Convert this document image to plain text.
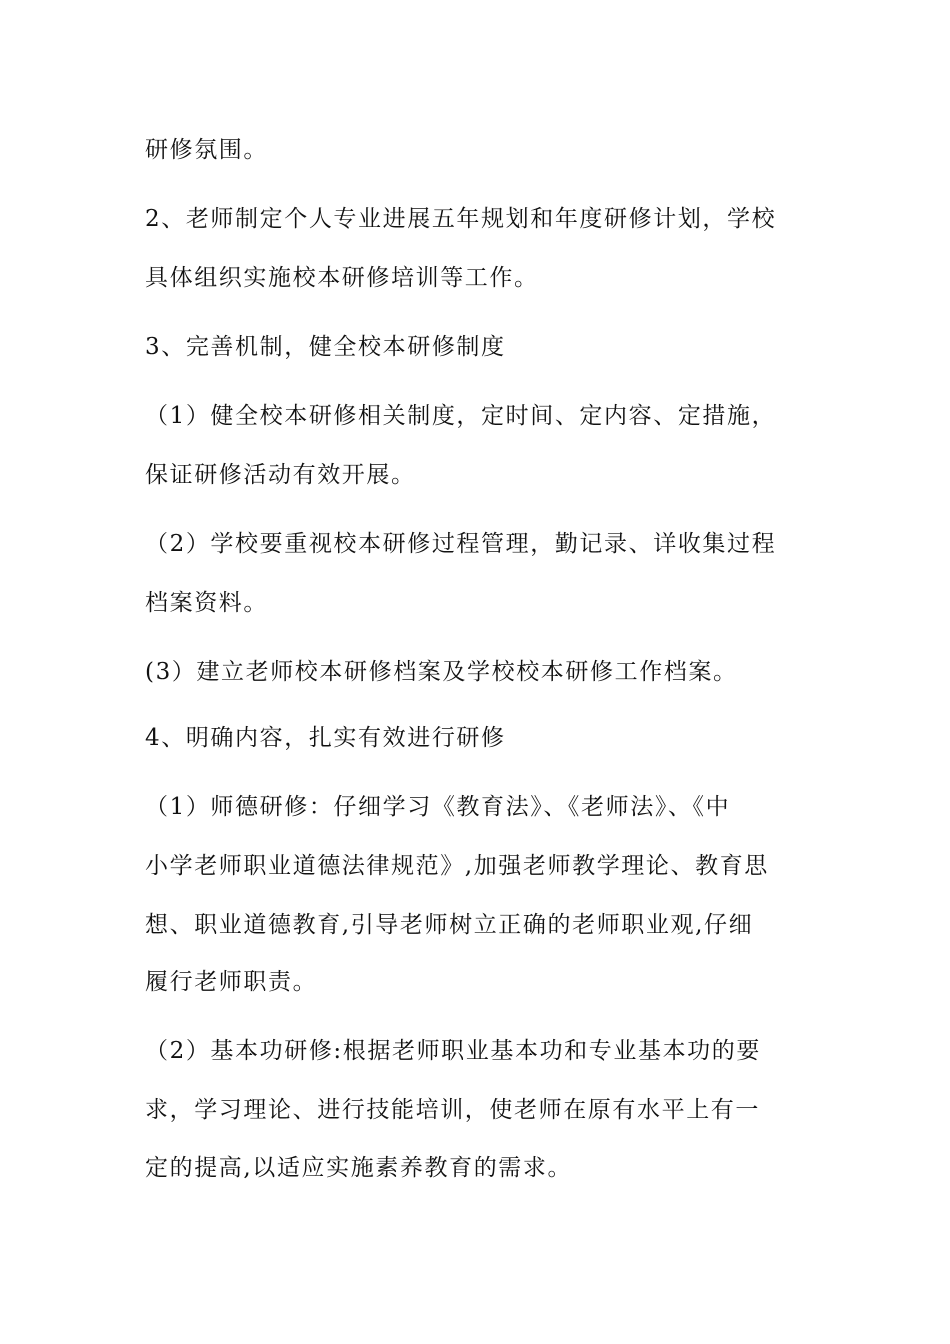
研修氛围。

2、老师制定个人专业进展五年规划和年度研修计划，学校

具体组织实施校本研修培训等工作。

3、完善机制，健全校本研修制度

（1）健全校本研修相关制度，定时间、定内容、定措施，

保证研修活动有效开展。

（2）学校要重视校本研修过程管理，勤记录、详收集过程

档案资料。

(3）建立老师校本研修档案及学校校本研修工作档案。

4、明确内容，扎实有效进行研修

（1）师德研修：仔细学习《教育法》、《老师法》、《中

小学老师职业道德法律规范》,加强老师教学理论、教育思

想、职业道德教育,引导老师树立正确的老师职业观,仔细

履行老师职责。

（2）基本功研修:根据老师职业基本功和专业基本功的要

求，学习理论、进行技能培训，使老师在原有水平上有一

定的提高,以适应实施素养教育的需求。
